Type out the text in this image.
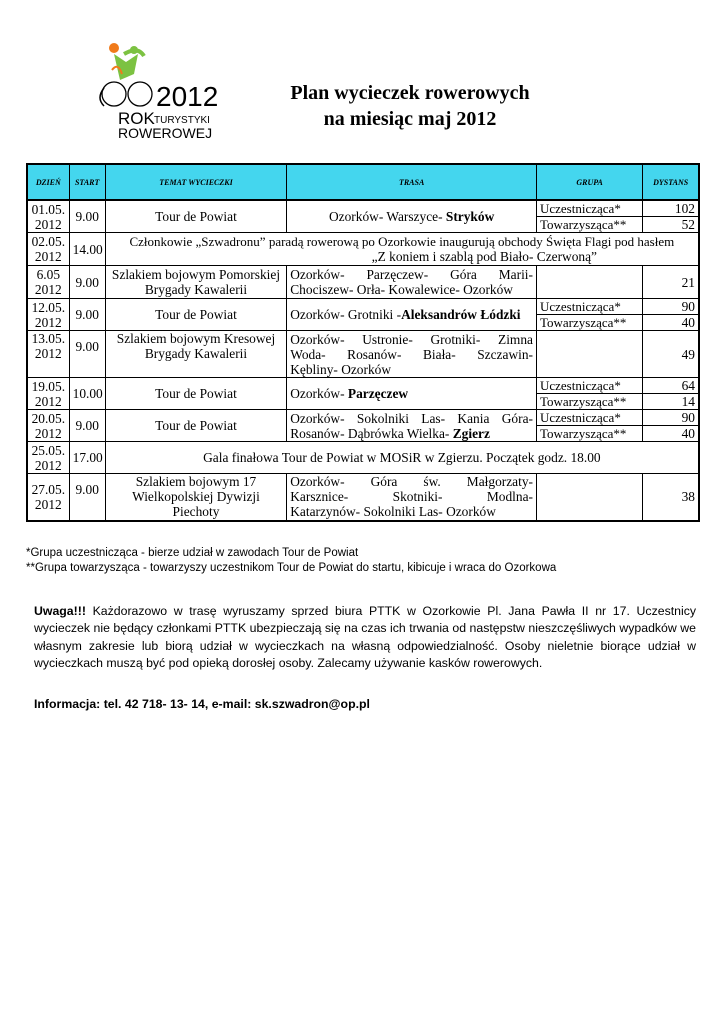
2012
ROK TURYSTYKI
ROWEROWEJ
Plan wycieczek rowerowych
na miesiąc maj 2012
DZIEŃ	START	TEMAT WYCIECZKI	TRASA	GRUPA	DYSTANS
01.05. 2012	9.00	Tour de Powiat	Ozorków- Warszyce- Stryków	Uczestnicząca*	102
				Towarzysząca**	52
02.05. 2012	14.00	Członkowie „Szwadronu” paradą rowerową po Ozorkowie inaugurują obchody Święta Flagi pod hasłem
„Z koniem i szablą pod Biało- Czerwoną”			

6.05 2012	9.00	Szlakiem bojowym Pomorskiej Brygady Kawalerii	Ozorków- Parzęczew- Góra Marii-
Chociszew- Orła- Kowalewice- Ozorków		21
12.05. 2012	9.00	Tour de Powiat	Ozorków- Grotniki -Aleksandrów Łódzki	Uczestnicząca*	90
				Towarzysząca**	40
13.05. 2012	9.00	Szlakiem bojowym Kresowej Brygady Kawalerii	Ozorków- Ustronie- Grotniki- Zimna
Woda- Rosanów- Biała- Szczawin-
Kębliny- Ozorków		49
19.05. 2012	10.00	Tour de Powiat	Ozorków- Parzęczew	Uczestnicząca*	64
				Towarzysząca**	14
20.05. 2012	9.00	Tour de Powiat	Ozorków- Sokolniki Las- Kania Góra-
Rosanów- Dąbrówka Wielka- Zgierz	Uczestnicząca*	90
				Towarzysząca**	40
25.05. 2012	17.00	Gala finałowa Tour de Powiat w MOSiR w Zgierzu. Początek godz. 18.00			
27.05. 2012	9.00	Szlakiem bojowym 17 Wielkopolskiej Dywizji Piechoty	Ozorków- Góra św. Małgorzaty-
Karsznice- Skotniki- Modlna-
Katarzynów- Sokolniki Las- Ozorków		38
*Grupa uczestnicząca - bierze udział w zawodach Tour de Powiat
**Grupa towarzysząca - towarzyszy uczestnikom Tour de Powiat do startu, kibicuje i wraca do Ozorkowa
Uwaga!!! Każdorazowo w trasę wyruszamy sprzed biura PTTK w Ozorkowie Pl. Jana Pawła II nr 17. Uczestnicy wycieczek nie będący członkami PTTK ubezpieczają się na czas ich trwania od następstw nieszczęśliwych wypadków we własnym zakresie lub biorą udział w wycieczkach na własną odpowiedzialność. Osoby nieletnie biorące udział w wycieczkach muszą być pod opieką dorosłej osoby. Zalecamy używanie kasków rowerowych.
Informacja: tel. 42 718- 13- 14, e-mail: sk.szwadron@op.pl
